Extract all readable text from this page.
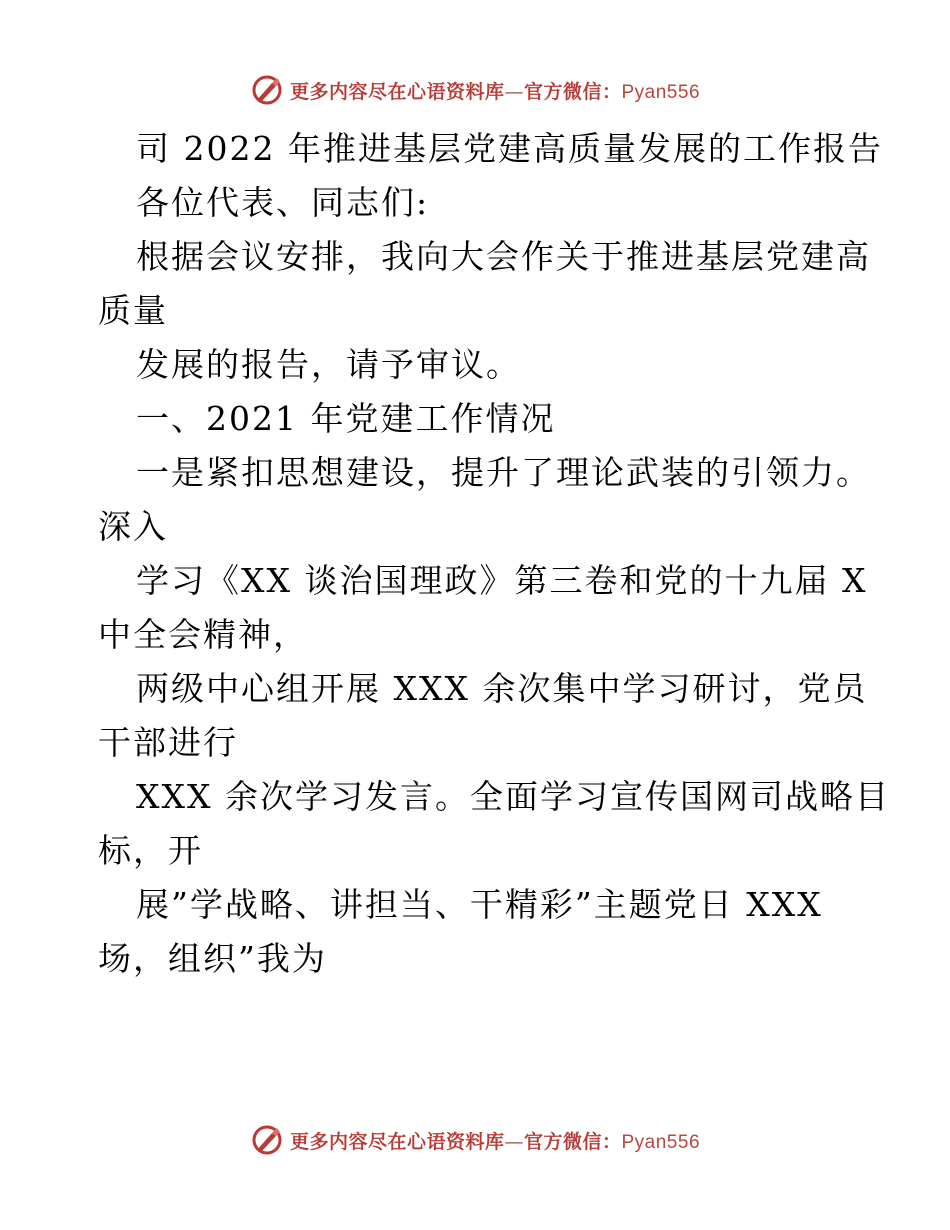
更多内容尽在心语资料库—官方微信：Pyan556
司 2022 年推进基层党建高质量发展的工作报告
各位代表、同志们:
根据会议安排，我向大会作关于推进基层党建高
质量
发展的报告，请予审议。
一、2021 年党建工作情况
一是紧扣思想建设，提升了理论武装的引领力。
深入
学习《XX 谈治国理政》第三卷和党的十九届 X
中全会精神，
两级中心组开展 XXX 余次集中学习研讨，党员
干部进行
XXX 余次学习发言。全面学习宣传国网司战略目
标，开
展”学战略、讲担当、干精彩”主题党日 XXX
场，组织”我为
更多内容尽在心语资料库—官方微信：Pyan556
